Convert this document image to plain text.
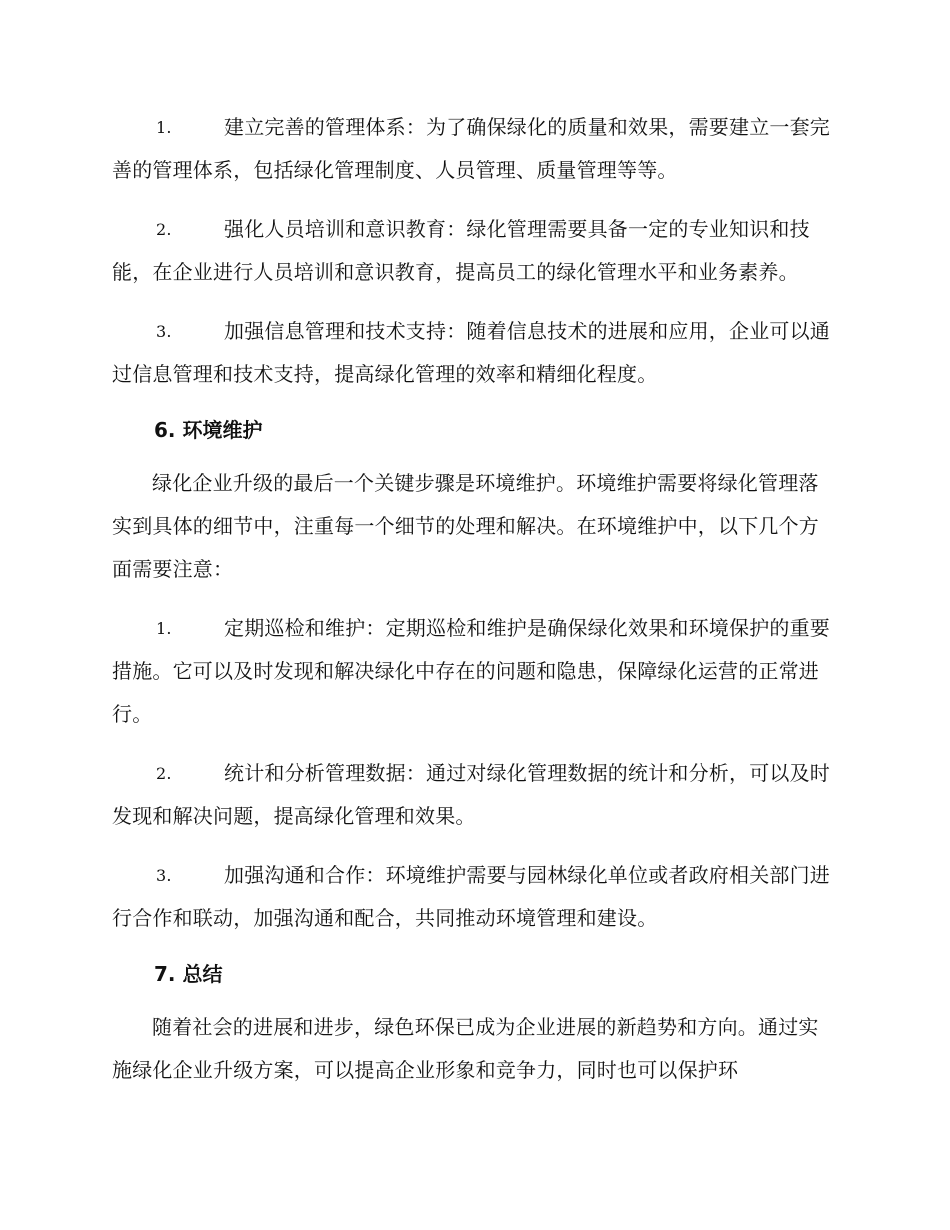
1.	建立完善的管理体系：为了确保绿化的质量和效果，需要建立一套完善的管理体系，包括绿化管理制度、人员管理、质量管理等等。
2.	强化人员培训和意识教育：绿化管理需要具备一定的专业知识和技能，在企业进行人员培训和意识教育，提高员工的绿化管理水平和业务素养。
3.	加强信息管理和技术支持：随着信息技术的进展和应用，企业可以通过信息管理和技术支持，提高绿化管理的效率和精细化程度。
6. 环境维护
绿化企业升级的最后一个关键步骤是环境维护。环境维护需要将绿化管理落实到具体的细节中，注重每一个细节的处理和解决。在环境维护中，以下几个方面需要注意：
1.	定期巡检和维护：定期巡检和维护是确保绿化效果和环境保护的重要措施。它可以及时发现和解决绿化中存在的问题和隐患，保障绿化运营的正常进行。
2.	统计和分析管理数据：通过对绿化管理数据的统计和分析，可以及时发现和解决问题，提高绿化管理和效果。
3.	加强沟通和合作：环境维护需要与园林绿化单位或者政府相关部门进行合作和联动，加强沟通和配合，共同推动环境管理和建设。
7. 总结
随着社会的进展和进步，绿色环保已成为企业进展的新趋势和方向。通过实施绿化企业升级方案，可以提高企业形象和竞争力，同时也可以保护环
